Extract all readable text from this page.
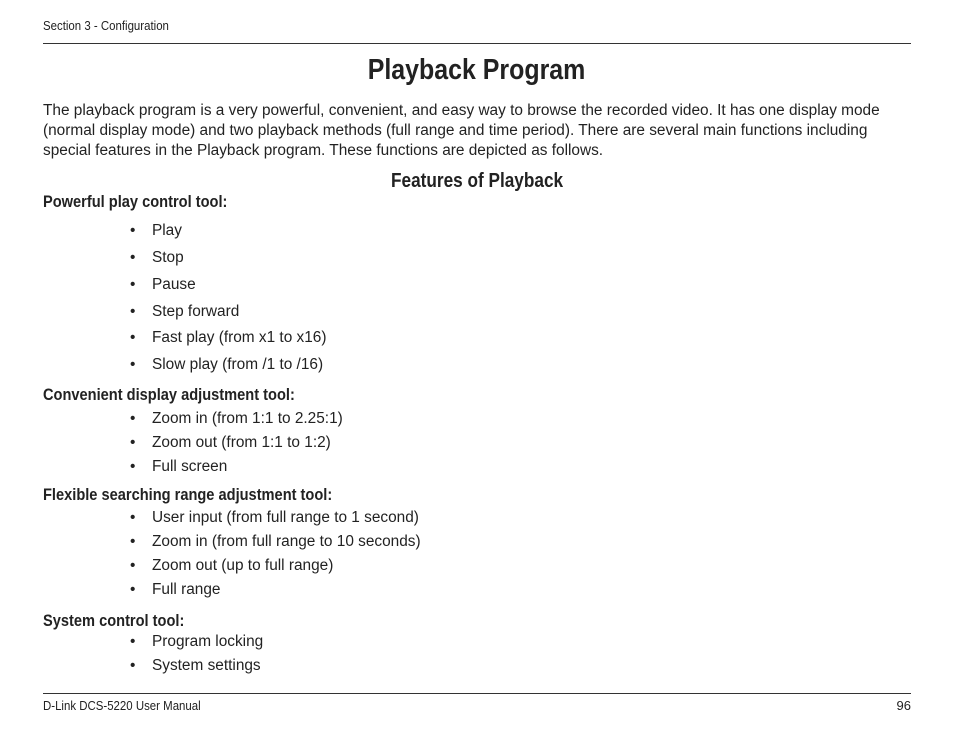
Section 3 - Configuration
Playback Program
The playback program is a very powerful, convenient, and easy way to browse the recorded video. It has one display mode (normal display mode) and two playback methods (full range and time period). There are several main functions including special features in the Playback program. These functions are depicted as follows.
Features of Playback
Powerful play control tool:
• Play
• Stop
• Pause
• Step forward
• Fast play (from x1 to x16)
• Slow play (from /1 to /16)
Convenient display adjustment tool:
• Zoom in (from 1:1 to 2.25:1)
• Zoom out (from 1:1 to 1:2)
• Full screen
Flexible searching range adjustment tool:
• User input (from full range to 1 second)
• Zoom in (from full range to 10 seconds)
• Zoom out (up to full range)
• Full range
System control tool:
• Program locking
• System settings
D-Link DCS-5220 User Manual	96
